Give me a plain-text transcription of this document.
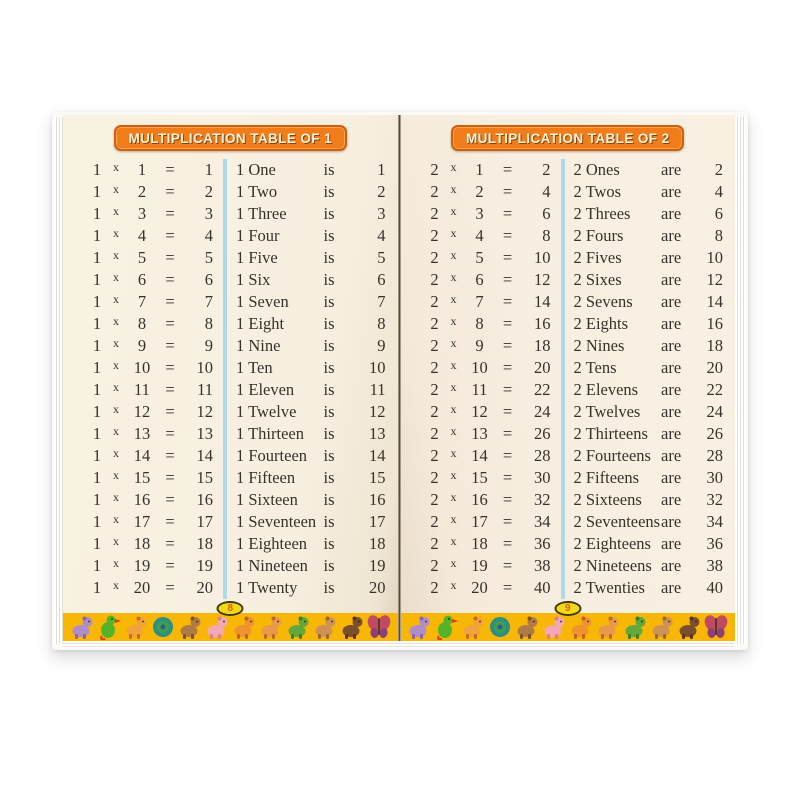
MULTIPLICATION TABLE OF 1
1 x	1	=	1 1 One	is	1
1 x	2	=	2 1 Two	is	2
1 x	3	=	3 1 Three	is	3
1 x	4	=	4 1 Four	is	4
1 x	5	=	5 1 Five	is	5
1 x	6	=	6 1 Six	is	6
1 x	7	=	7 1 Seven	is	7
1 x	8	=	8 1 Eight	is	8
1 x	9	=	9 1 Nine	is	9
1 x 10 =	10 1 Ten	is	10
1 x 11 =	11 1 Eleven	is	11
1 x 12 =	12 1 Twelve	is	12
1 x 13 =	13 1 Thirteen	is	13
1 x 14 =	14 1 Fourteen is	14
1 x 15 =	15 1 Fifteen	is	15
1 x 16 =	16 1 Sixteen	is	16
1 x 17 =	17 1 Seventeen is	17
1 x 18 =	18 1 Eighteen is	18
1 x 19 =	19 1 Nineteen is	19
1 x 20 =	20 1 Twenty	is	20
8
MULTIPLICATION TABLE OF 2
2 x	1	=	2 2 Ones	are	2
2 x	2	=	4 2 Twos	are	4
2 x	3	=	6 2 Threes	are	6
2 x	4	=	8 2 Fours	are	8
2 x	5	=	10 2 Fives	are	10
2 x	6	=	12 2 Sixes	are	12
2 x	7	=	14 2 Sevens	are	14
2 x	8	=	16 2 Eights	are	16
2 x	9	=	18 2 Nines	are	18
2 x 10 =	20 2 Tens	are	20
2 x 11 =	22 2 Elevens	are	22
2 x 12 =	24 2 Twelves	are	24
2 x 13 =	26 2 Thirteens are	26
2 x 14 =	28 2 Fourteens are	28
2 x 15 =	30 2 Fifteens	are	30
2 x 16 =	32 2 Sixteens	are	32
2 x 17 =	34 2 Seventeens are	34
2 x 18 =	36 2 Eighteens are	36
2 x 19 =	38 2 Nineteens are	38
2 x 20 =	40 2 Twenties are	40
9
